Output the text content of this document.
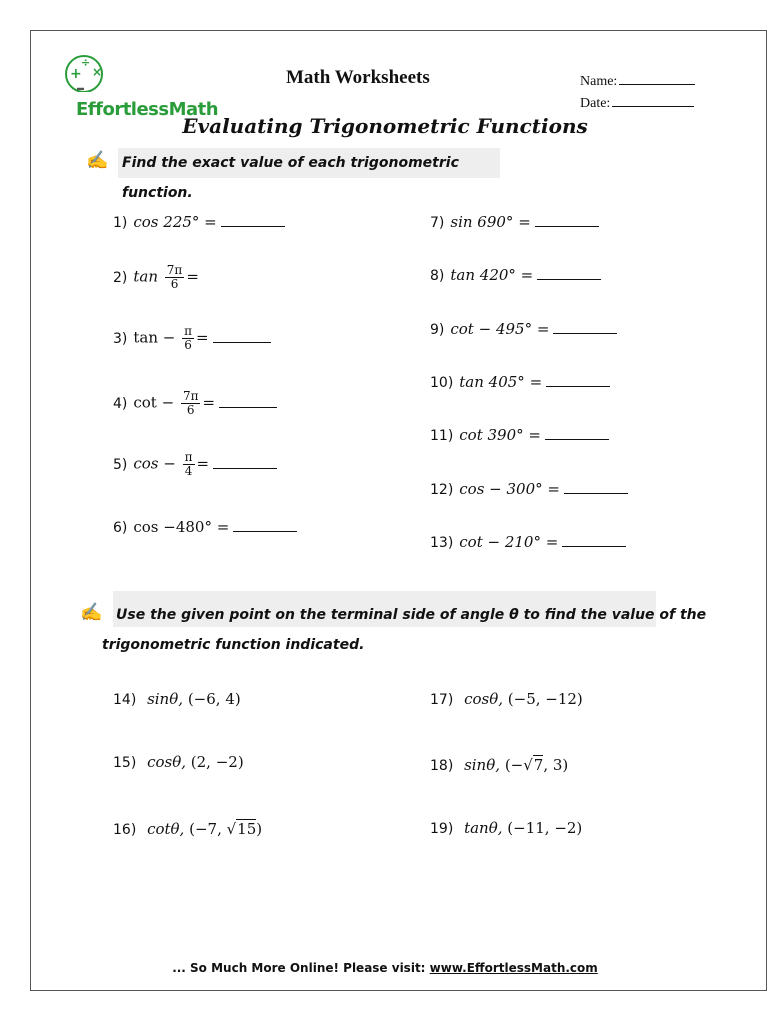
+
÷
×
–EffortlessMath
Math Worksheets	Name:
Date:
Evaluating Trigonometric Functions
✍ Find the exact value of each trigonometric function.
1) cos 225° =
2) $\tan \frac{7\pi}{6}$ =
3) $\tan - \frac{\pi}{6}$ =
4) $\cot - \frac{7\pi}{6}$ =
5) $\cos - \frac{\pi}{4}$ =
6) cos −480° =
7) sin 690° =
8) tan 420° =
9) cot − 495° =
10) tan 405° =
11) cot 390° =
12) cos − 300° =
13) cot − 210° =
✍ Use the given point on the terminal side of angle θ to find the value of the
trigonometric function indicated.
14) sinθ, (−6, 4)
15) cosθ, (2, −2)
16) cotθ, (−7, √15)
17) cosθ, (−5, −12)
18) sinθ, (−√7, 3)
19) tanθ, (−11, −2)
... So Much More Online! Please visit: www.EffortlessMath.com
